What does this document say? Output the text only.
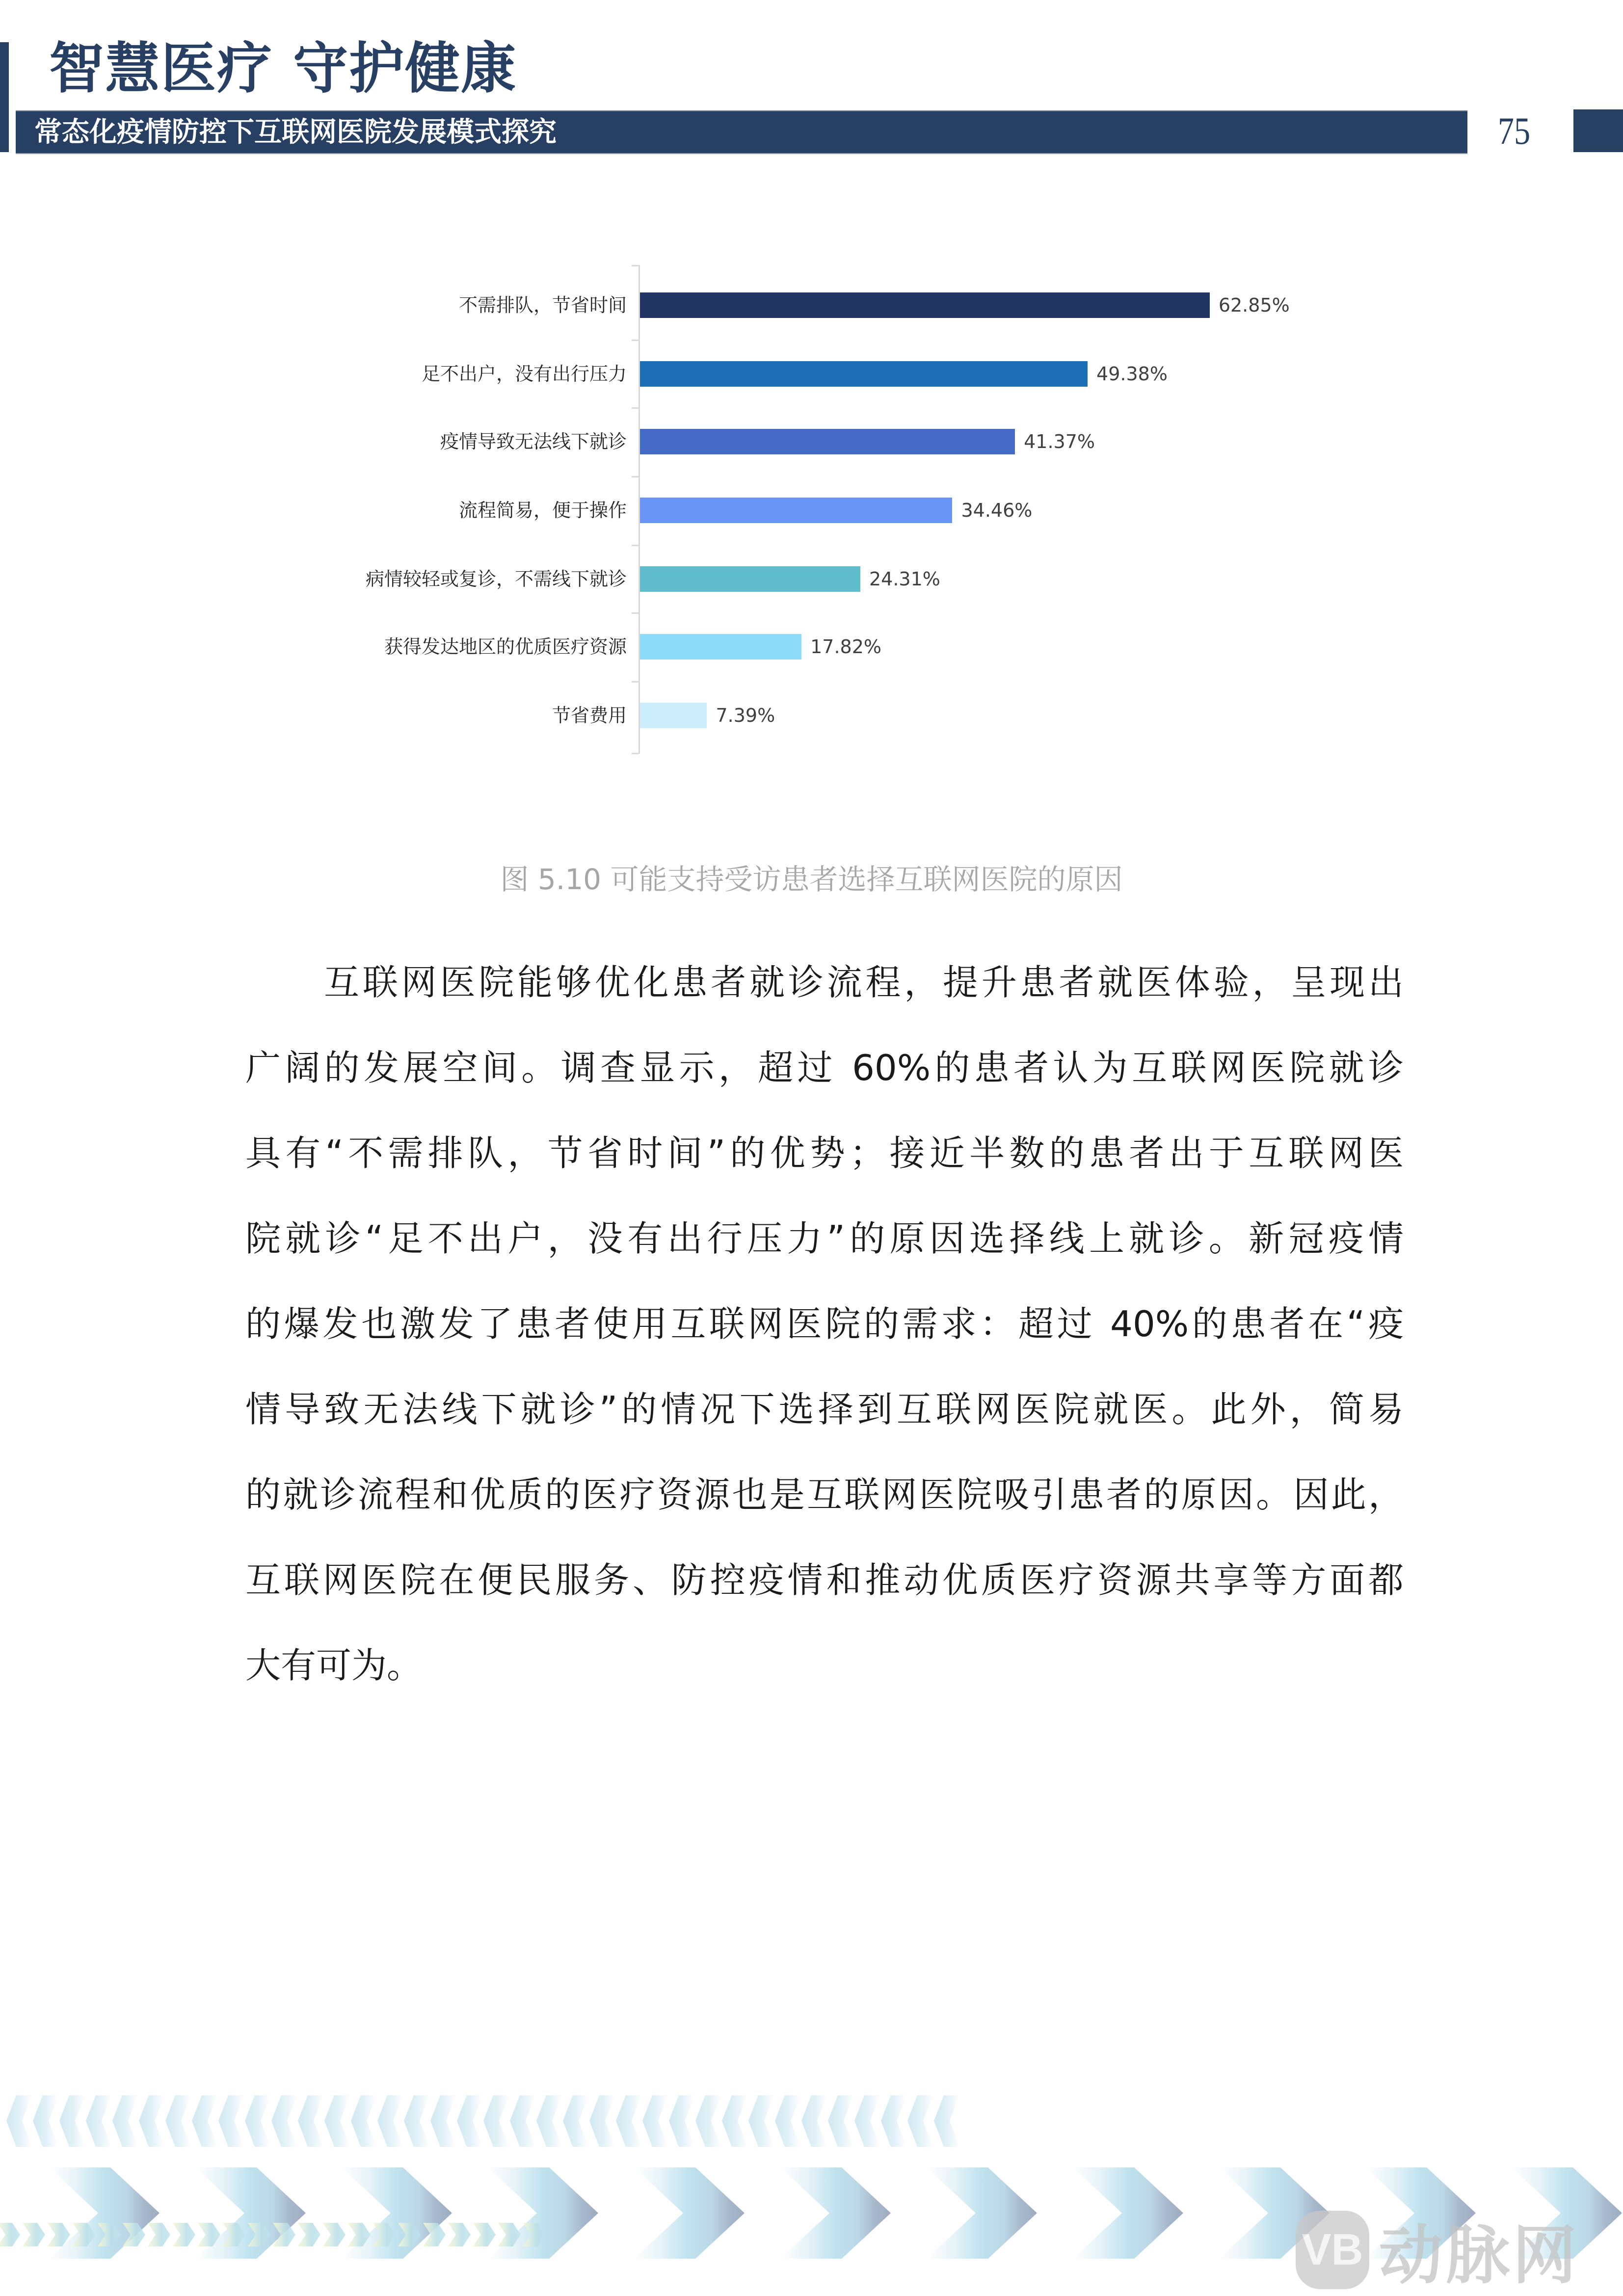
智慧医疗 守护健康
常态化疫情防控下互联网医院发展模式探究	75
不需排队，节省时间	62.85%
足不出户，没有出行压力	49.38%
疫情导致无法线下就诊	41.37%
流程简易，便于操作	34.46%
病情较轻或复诊，不需线下就诊	24.31%
获得发达地区的优质医疗资源	17.82%
节省费用	7.39%
图 5.10 可能支持受访患者选择互联网医院的原因
互联网医院能够优化患者就诊流程，提升患者就医体验，呈现出
广阔的发展空间。调查显示，超过 60%的患者认为互联网医院就诊
具有“不需排队，节省时间”的优势；接近半数的患者出于互联网医
院就诊“足不出户，没有出行压力”的原因选择线上就诊。新冠疫情
的爆发也激发了患者使用互联网医院的需求：超过 40%的患者在“疫
情导致无法线下就诊”的情况下选择到互联网医院就医。此外，简易
的就诊流程和优质的医疗资源也是互联网医院吸引患者的原因。因此，
互联网医院在便民服务、防控疫情和推动优质医疗资源共享等方面都
大有可为。
VB 动脉网
